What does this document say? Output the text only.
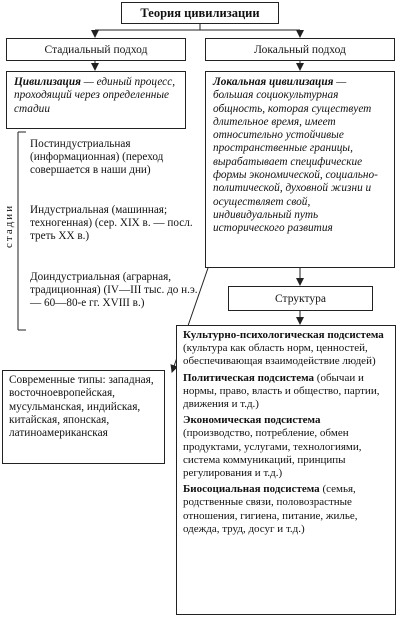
Теория цивилизации
Стадиальный подход	Локальный подход
Цивилизация — единый процесс, проходящий через определенные стадии
стадии
Постиндустриальная (информационная) (переход совершается в наши дни)
Индустриальная (машинная; техногенная) (сер. XIX в. — посл. треть XX в.)
Доиндустриальная (аграрная, традиционная) (IV—III тыс. до н.э. — 60—80-е гг. XVIII в.)
Локальная цивилизация — большая социокультурная общность, которая существует длительное время, имеет относительно устойчивые пространственные границы, вырабатывает специфические формы экономической, социально-политической, духовной жизни и осуществляет свой, индивидуальный путь исторического развития
Структура
Современные типы: западная, восточноевропейская, мусульманская, индийская, китайская, японская, латиноамериканская

Культурно-психологическая подсистема (культура как область норм, ценностей, обеспечивающая взаимодействие людей)

Политическая подсистема (обычаи и нормы, право, власть и общество, партии, движения и т.д.)

Экономическая подсистема (производство, потребление, обмен продуктами, услугами, технологиями, система коммуникаций, принципы регулирования и т.д.)

Биосоциальная подсистема (семья, родственные связи, половозрастные отношения, гигиена, питание, жилье, одежда, труд, досуг и т.д.)
